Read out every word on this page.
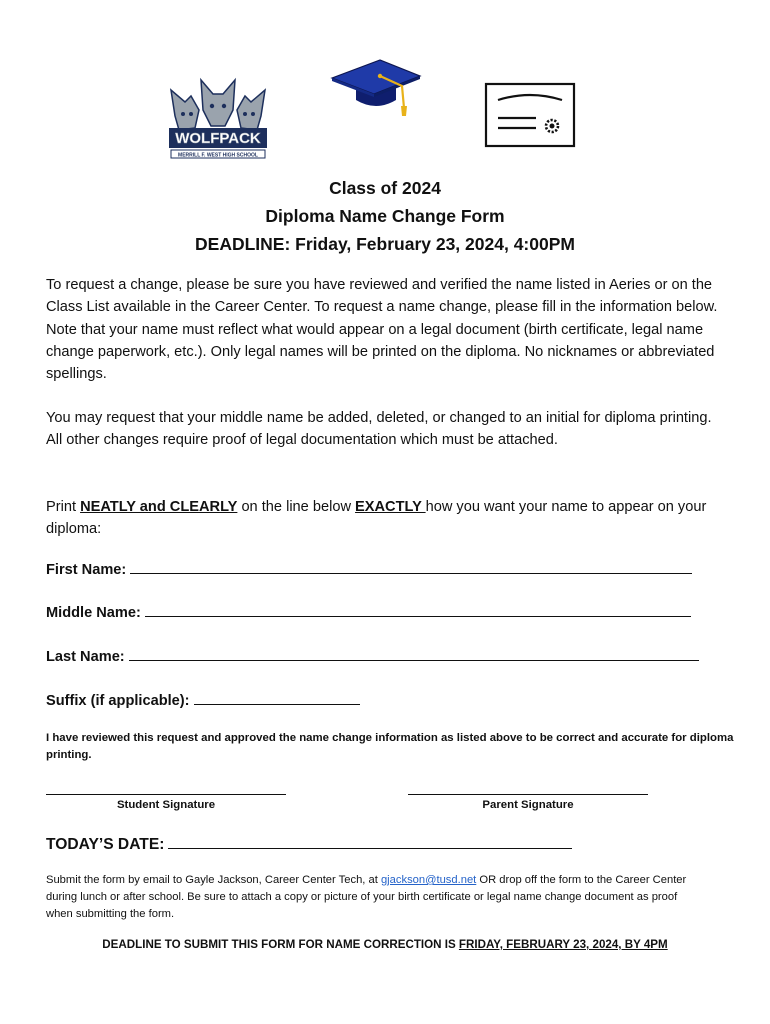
WOLFPACK
MERRILL F. WEST HIGH SCHOOL
Class of 2024
Diploma Name Change Form
DEADLINE: Friday, February 23, 2024, 4:00PM

To request a change, please be sure you have reviewed and verified the name listed in Aeries or on the Class List available in the Career Center. To request a name change, please fill in the information below. Note that your name must reflect what would appear on a legal document (birth certificate, legal name change paperwork, etc.). Only legal names will be printed on the diploma. No nicknames or abbreviated spellings.

You may request that your middle name be added, deleted, or changed to an initial for diploma printing. All other changes require proof of legal documentation which must be attached.

Print NEATLY and CLEARLY on the line below EXACTLY how you want your name to appear on your diploma:

First Name:
Middle Name:
Last Name:
Suffix (if applicable):

I have reviewed this request and approved the name change information as listed above to be correct and accurate for diploma printing.

Student Signature	Parent Signature
TODAY’S DATE:

Submit the form by email to Gayle Jackson, Career Center Tech, at gjackson@tusd.net OR drop off the form to the Career Center during lunch or after school. Be sure to attach a copy or picture of your birth certificate or legal name change document as proof when submitting the form.

DEADLINE TO SUBMIT THIS FORM FOR NAME CORRECTION IS FRIDAY, FEBRUARY 23, 2024, BY 4PM
